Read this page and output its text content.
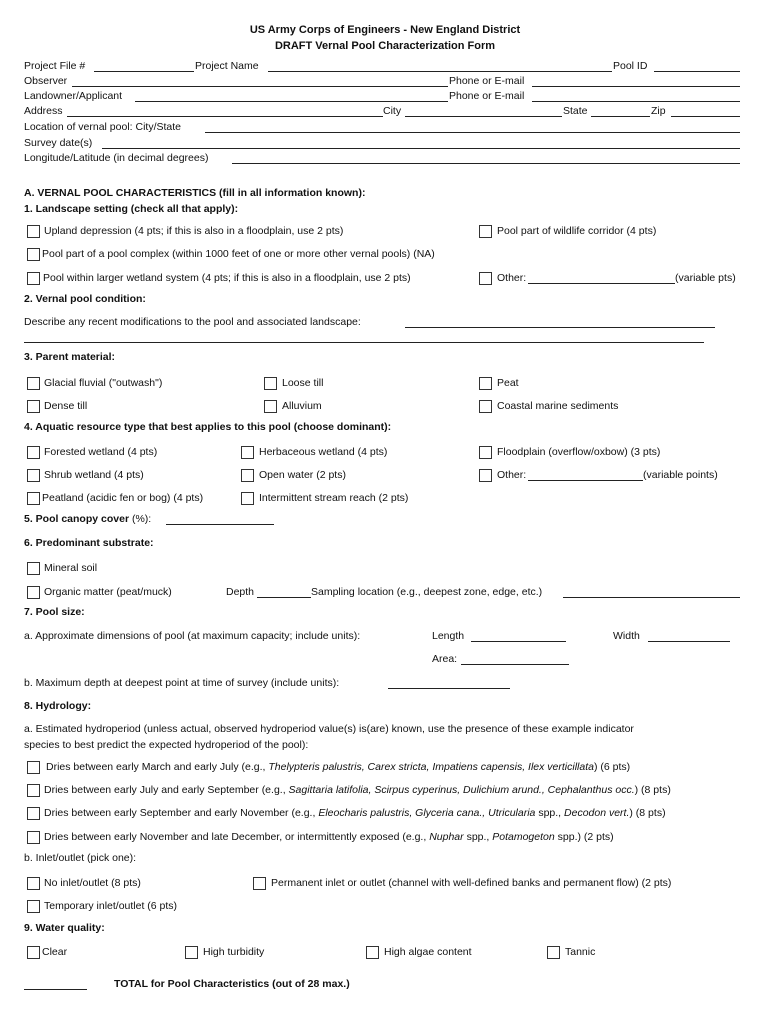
US Army Corps of Engineers - New England District
DRAFT Vernal Pool Characterization Form
Project File #	Project Name	Pool ID
Observer	Phone or E-mail
Landowner/Applicant	Phone or E-mail
Address	City	State	Zip
Location of vernal pool: City/State
Survey date(s)
Longitude/Latitude (in decimal degrees)
A. VERNAL POOL CHARACTERISTICS (fill in all information known):
1. Landscape setting (check all that apply):
Upland depression (4 pts; if this is also in a floodplain, use 2 pts)	Pool part of wildlife corridor (4 pts)
Pool part of a pool complex (within 1000 feet of one or more other vernal pools) (NA)
Pool within larger wetland system (4 pts; if this is also in a floodplain, use 2 pts)	Other:	(variable pts)
2. Vernal pool condition:
Describe any recent modifications to the pool and associated landscape:
3. Parent material:
Glacial fluvial ("outwash")	Loose till	Peat
Dense till	Alluvium	Coastal marine sediments
4. Aquatic resource type that best applies to this pool (choose dominant):
Forested wetland (4 pts)	Herbaceous wetland (4 pts)	Floodplain (overflow/oxbow) (3 pts)
Shrub wetland (4 pts)	Open water (2 pts)	Other:	(variable points)
Peatland (acidic fen or bog) (4 pts)	Intermittent stream reach (2 pts)
5. Pool canopy cover (%):
6. Predominant substrate:
Mineral soil
Organic matter (peat/muck)	Depth	Sampling location (e.g., deepest zone, edge, etc.)
7. Pool size:
a. Approximate dimensions of pool (at maximum capacity; include units):	Length	Width
Area:
b. Maximum depth at deepest point at time of survey (include units):
8. Hydrology:
a. Estimated hydroperiod (unless actual, observed hydroperiod value(s) is(are) known, use the presence of these example indicator
species to best predict the expected hydroperiod of the pool):
Dries between early March and early July (e.g., Thelypteris palustris, Carex stricta, Impatiens capensis, Ilex verticillata) (6 pts)
Dries between early July and early September (e.g., Sagittaria latifolia, Scirpus cyperinus, Dulichium arund., Cephalanthus occ.) (8 pts)
Dries between early September and early November (e.g., Eleocharis palustris, Glyceria cana., Utricularia spp., Decodon vert.) (8 pts)
Dries between early November and late December, or intermittently exposed (e.g., Nuphar spp., Potamogeton spp.) (2 pts)
b. Inlet/outlet (pick one):
No inlet/outlet (8 pts)	Permanent inlet or outlet (channel with well-defined banks and permanent flow) (2 pts)
Temporary inlet/outlet (6 pts)
9. Water quality:
Clear	High turbidity	High algae content	Tannic
TOTAL for Pool Characteristics (out of 28 max.)
